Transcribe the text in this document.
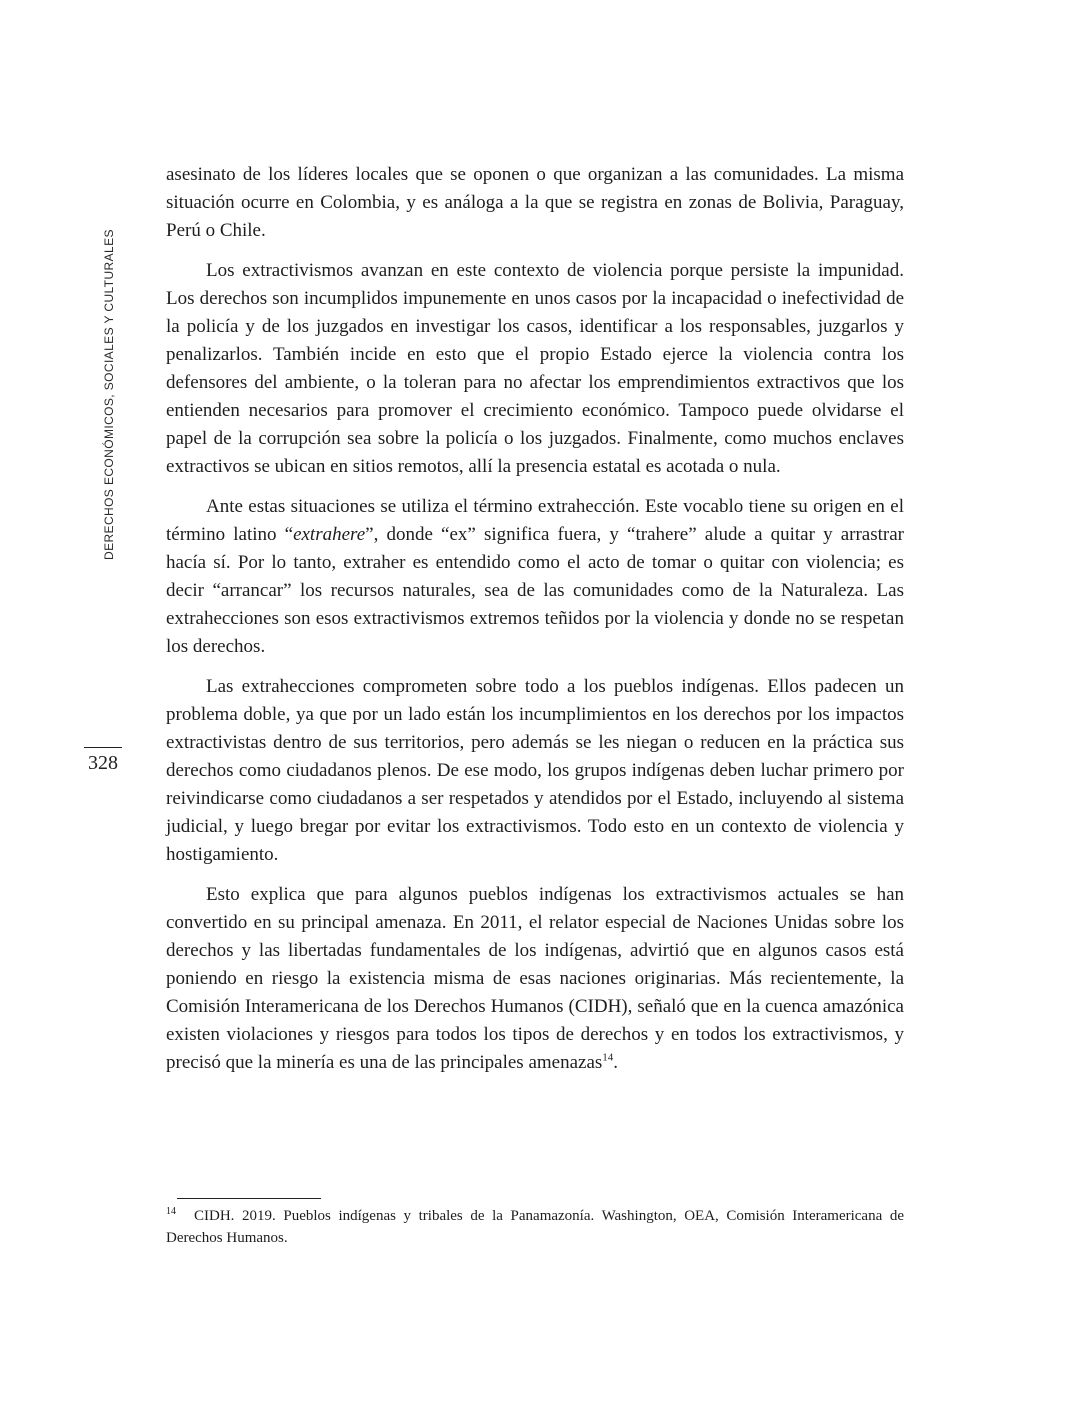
DERECHOS ECONÓMICOS, SOCIALES Y CULTURALES
328

asesinato de los líderes locales que se oponen o que organizan a las comunidades. La misma situación ocurre en Colombia, y es análoga a la que se registra en zonas de Bolivia, Paraguay, Perú o Chile.

Los extractivismos avanzan en este contexto de violencia porque persiste la impunidad. Los derechos son incumplidos impunemente en unos casos por la incapacidad o inefectividad de la policía y de los juzgados en investigar los casos, identificar a los responsables, juzgarlos y penalizarlos. También incide en esto que el propio Estado ejerce la violencia contra los defensores del ambiente, o la toleran para no afectar los emprendimientos extractivos que los entienden necesarios para promover el crecimiento económico. Tampoco puede olvidarse el papel de la corrupción sea sobre la policía o los juzgados. Finalmente, como muchos enclaves extractivos se ubican en sitios remotos, allí la presencia estatal es acotada o nula.

Ante estas situaciones se utiliza el término extrahección. Este vocablo tiene su origen en el término latino “extrahere”, donde “ex” significa fuera, y “trahere” alude a quitar y arrastrar hacía sí. Por lo tanto, extraher es entendido como el acto de tomar o quitar con violencia; es decir “arrancar” los recursos naturales, sea de las comunidades como de la Naturaleza. Las extrahecciones son esos extractivismos extremos teñidos por la violencia y donde no se respetan los derechos.

Las extrahecciones comprometen sobre todo a los pueblos indígenas. Ellos padecen un problema doble, ya que por un lado están los incumplimientos en los derechos por los impactos extractivistas dentro de sus territorios, pero además se les niegan o reducen en la práctica sus derechos como ciudadanos plenos. De ese modo, los grupos indígenas deben luchar primero por reivindicarse como ciudadanos a ser respetados y atendidos por el Estado, incluyendo al sistema judicial, y luego bregar por evitar los extractivismos. Todo esto en un contexto de violencia y hostigamiento.

Esto explica que para algunos pueblos indígenas los extractivismos actuales se han convertido en su principal amenaza. En 2011, el relator especial de Naciones Unidas sobre los derechos y las libertadas fundamentales de los indígenas, advirtió que en algunos casos está poniendo en riesgo la existencia misma de esas naciones originarias. Más recientemente, la Comisión Interamericana de los Derechos Humanos (CIDH), señaló que en la cuenca amazónica existen violaciones y riesgos para todos los tipos de derechos y en todos los extractivismos, y precisó que la minería es una de las principales amenazas$^{14}$.

14 CIDH. 2019. Pueblos indígenas y tribales de la Panamazonía. Washington, OEA, Comisión Interamericana de Derechos Humanos.
